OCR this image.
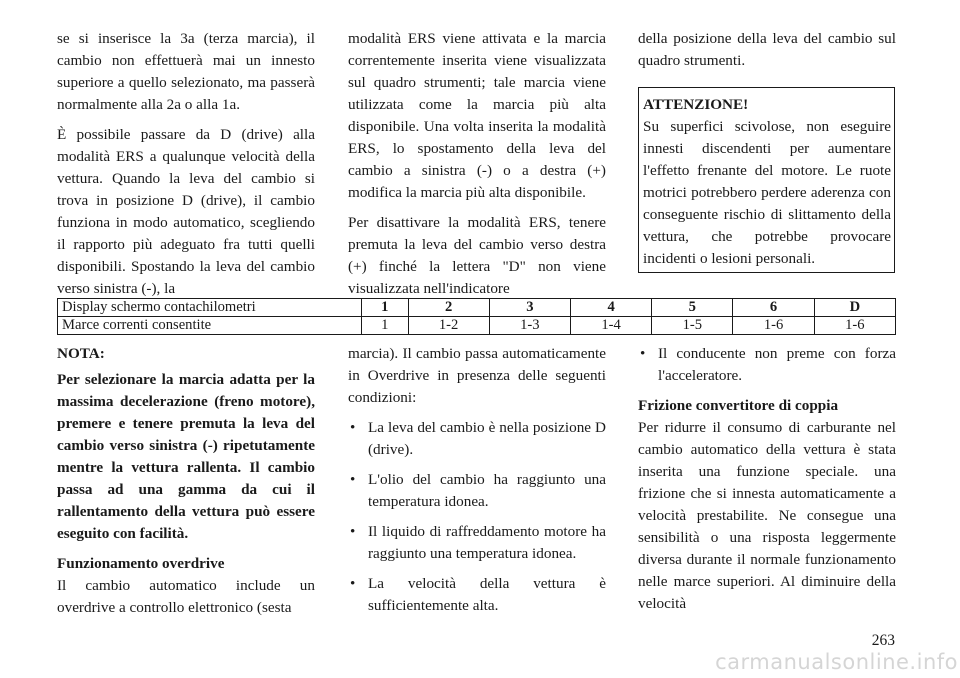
se si inserisce la 3a (terza marcia), il cambio non effettuerà mai un innesto superiore a quello selezionato, ma passerà normalmente alla 2a o alla 1a.

È possibile passare da D (drive) alla modalità ERS a qualunque velocità della vettura. Quando la leva del cambio si trova in posizione D (drive), il cambio funziona in modo automatico, scegliendo il rapporto più adeguato fra tutti quelli disponibili. Spostando la leva del cambio verso sinistra (-), la

modalità ERS viene attivata e la marcia correntemente inserita viene visualizzata sul quadro strumenti; tale marcia viene utilizzata come la marcia più alta disponibile. Una volta inserita la modalità ERS, lo spostamento della leva del cambio a sinistra (-) o a destra (+) modifica la marcia più alta disponibile.

Per disattivare la modalità ERS, tenere premuta la leva del cambio verso destra (+) finché la lettera "D" non viene visualizzata nell'indicatore

della posizione della leva del cambio sul quadro strumenti.

ATTENZIONE!

Su superfici scivolose, non eseguire innesti discendenti per aumentare l'effetto frenante del motore. Le ruote motrici potrebbero perdere aderenza con conseguente rischio di slittamento della vettura, che potrebbe provocare incidenti o lesioni personali.

Display schermo contachilometri	1	2	3	4	5	6	D
Marce correnti consentite	1	1-2	1-3	1-4	1-5	1-6	1-6
NOTA:

Per selezionare la marcia adatta per la massima decelerazione (freno motore), premere e tenere premuta la leva del cambio verso sinistra (-) ripetutamente mentre la vettura rallenta. Il cambio passa ad una gamma da cui il rallentamento della vettura può essere eseguito con facilità.

Funzionamento overdrive

Il cambio automatico include un overdrive a controllo elettronico (sesta

marcia). Il cambio passa automaticamente in Overdrive in presenza delle seguenti condizioni:

• La leva del cambio è nella posizione D (drive).
• L'olio del cambio ha raggiunto una temperatura idonea.
• Il liquido di raffreddamento motore ha raggiunto una temperatura idonea.
• La velocità della vettura è sufficientemente alta.
• Il conducente non preme con forza l'acceleratore.
Frizione convertitore di coppia

Per ridurre il consumo di carburante nel cambio automatico della vettura è stata inserita una funzione speciale. una frizione che si innesta automaticamente a velocità prestabilite. Ne consegue una sensibilità o una risposta leggermente diversa durante il normale funzionamento nelle marce superiori. Al diminuire della velocità

263
carmanualsonline.info
